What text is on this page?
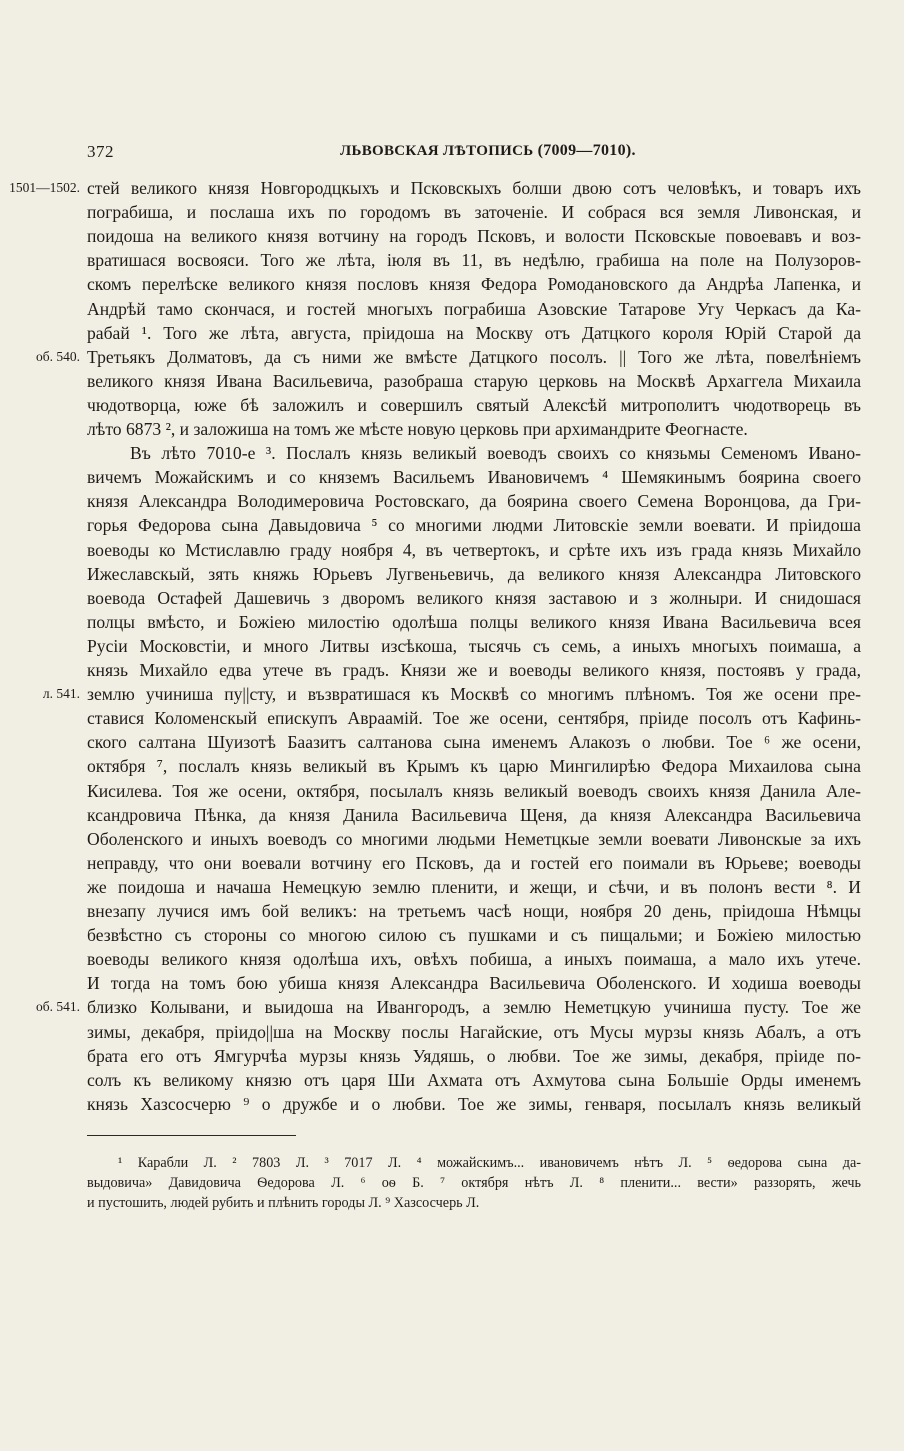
372	ЛЬВОВСКАЯ ЛѢТОПИСЬ (7009—7010).
1501—1502.
об. 540.
л. 541.
об. 541.
стей великого князя Новгородцкыхъ и Псковскыхъ болши двою сотъ человѣкъ, и товаръ ихъ
пограбиша, и послаша ихъ по городомъ въ заточеніе. И собрася вся земля Ливонская, и
поидоша на великого князя вотчину на городъ Псковъ, и волости Псковскые повоевавъ и воз-
вратишася восвояси. Того же лѣта, іюля въ 11, въ недѣлю, грабиша на поле на Полузоров-
скомъ перелѣске великого князя пословъ князя Федора Ромодановского да Андрѣа Лапенка, и
Андрѣй тамо скончася, и гостей многыхъ пограбиша Азовские Татарове Угу Черкасъ да Ка-
рабай ¹. Того же лѣта, августа, пріидоша на Москву отъ Датцкого короля Юрій Старой да
Третьякъ Долматовъ, да съ ними же вмѣсте Датцкого посолъ. || Того же лѣта, повелѣніемъ
великого князя Ивана Васильевича, разобраша старую церковь на Москвѣ Архаггела Михаила
чюдотворца, юже бѣ заложилъ и совершилъ святый Алексѣй митрополитъ чюдотворець въ
лѣто 6873 ², и заложиша на томъ же мѣсте новую церковь при архимандрите Феогнасте.
Въ лѣто 7010-е ³. Послалъ князь великый воеводъ своихъ со князьмы Семеномъ Ивано-
вичемъ Можайскимъ и со княземъ Васильемъ Ивановичемъ ⁴ Шемякинымъ боярина своего
князя Александра Володимеровича Ростовскаго, да боярина своего Семена Воронцова, да Гри-
горья Федорова сына Давыдовича ⁵ со многими людми Литовскіе земли воевати. И пріидоша
воеводы ко Мстиславлю граду ноября 4, въ четвертокъ, и срѣте ихъ изъ града князь Михайло
Ижеславскый, зять княжь Юрьевъ Лугвеньевичь, да великого князя Александра Литовского
воевода Остафей Дашевичь з дворомъ великого князя заставою и з жолныри. И снидошася
полцы вмѣсто, и Божіею милостію одолѣша полцы великого князя Ивана Васильевича всея
Русіи Московстіи, и много Литвы изсѣкоша, тысячь съ семь, а иныхъ многыхъ поимаша, а
князь Михайло едва утече въ градъ. Князи же и воеводы великого князя, постоявъ у града,
землю учиниша пу||сту, и възвратишася къ Москвѣ со многимъ плѣномъ. Тоя же осени пре-
ставися Коломенскый епискупъ Авраамій. Тое же осени, сентября, пріиде посолъ отъ Кафинь-
ского салтана Шуизотѣ Баазитъ салтанова сына именемъ Алакозъ о любви. Тое ⁶ же осени,
октября ⁷, послалъ князь великый въ Крымъ къ царю Мингилирѣю Федора Михаилова сына
Кисилева. Тоя же осени, октября, посылалъ князь великый воеводъ своихъ князя Данила Але-
ксандровича Пѣнка, да князя Данила Васильевича Щеня, да князя Александра Васильевича
Оболенского и иныхъ воеводъ со многими людьми Неметцкые земли воевати Ливонскые за ихъ
неправду, что они воевали вотчину его Псковъ, да и гостей его поимали въ Юрьеве; воеводы
же поидоша и начаша Немецкую землю пленити, и жещи, и сѣчи, и въ полонъ вести ⁸. И
внезапу лучися имъ бой великъ: на третьемъ часѣ нощи, ноября 20 день, пріидоша Нѣмцы
безвѣстно съ стороны со многою силою съ пушками и съ пищальми; и Божіею милостью
воеводы великого князя одолѣша ихъ, овѣхъ побиша, а иныхъ поимаша, а мало ихъ утече.
И тогда на томъ бою убиша князя Александра Васильевича Оболенского. И ходиша воеводы
близко Колывани, и выидоша на Ивангородъ, а землю Неметцкую учиниша пусту. Тое же
зимы, декабря, пріидо||ша на Москву послы Нагайские, отъ Мусы мурзы князь Абалъ, а отъ
брата его отъ Ямгурчѣа мурзы князь Уядяшь, о любви. Тое же зимы, декабря, пріиде по-
солъ къ великому князю отъ царя Ши Ахмата отъ Ахмутова сына Большіе Орды именемъ
князь Хазсосчерю ⁹ о дружбе и о любви. Тое же зимы, генваря, посылалъ князь великый
¹ Карабли Л. ² 7803 Л. ³ 7017 Л. ⁴ можайскимъ... ивановичемъ нѣтъ Л. ⁵ ѳедорова сына да-
выдовича» Давидовича Ѳедорова Л. ⁶ оѳ Б. ⁷ октября нѣтъ Л. ⁸ пленити... вести» раззорять, жечь
и пустошить, людей рубить и плѣнить городы Л. ⁹ Хазсосчерь Л.
